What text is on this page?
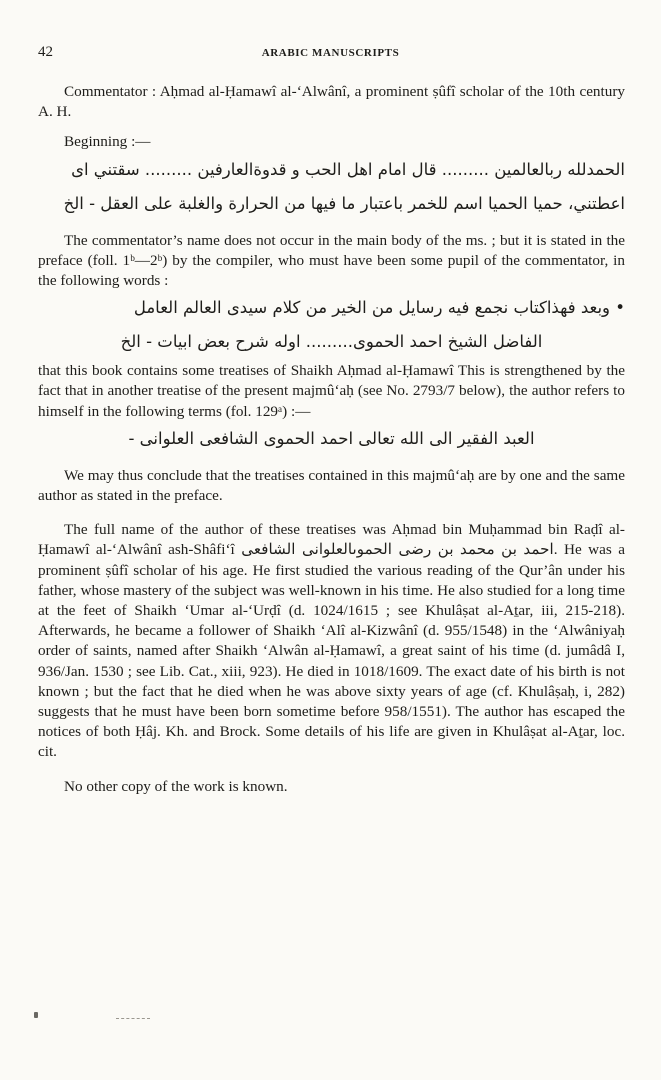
42	ARABIC MANUSCRIPTS

Commentator : Aḥmad al-Ḥamawî al-‘Alwânî, a prominent ṣûfî scholar of the 10th century A. H.

Beginning :—

الحمدلله ربالعالمين ......... قال امام اهل الحب و قدوةالعارفين ......... سقتني اى

اعطتني، حميا الحميا اسم للخمر باعتبار ما فيها من الحرارة والغلبة على العقل - الخ

The commentator’s name does not occur in the main body of the ms. ; but it is stated in the preface (foll. 1ᵇ—2ᵇ) by the compiler, who must have been some pupil of the commentator, in the following words :

• وبعد فهذاكتاب نجمع فيه رسايل من الخير من كلام سيدى العالم العامل

الفاضل الشيخ احمد الحموى......... اوله شرح بعض ابيات - الخ

that this book contains some treatises of Shaikh Aḥmad al-Ḥamawî This is strengthened by the fact that in another treatise of the present majmû‘aḥ (see No. 2793/7 below), the author refers to himself in the following terms (fol. 129ᵃ) :—

العبد الفقير الى الله تعالى احمد الحموى الشافعى العلوانى -

We may thus conclude that the treatises contained in this majmû‘aḥ are by one and the same author as stated in the preface.

The full name of the author of these treatises was Aḥmad bin Muḥammad bin Raḍî al-Ḥamawî al-‘Alwânî ash-Shâfi‘î احمد بن محمد بن رضى الحموىالعلوانى الشافعى. He was a prominent ṣûfî scholar of his age. He first studied the various reading of the Qur’ân under his father, whose mastery of the subject was well-known in his time. He also studied for a long time at the feet of Shaikh ‘Umar al-‘Urḍî (d. 1024/1615 ; see Khulâṣat al-Aṯar, iii, 215-218). Afterwards, he became a follower of Shaikh ‘Alî al-Kizwânî (d. 955/1548) in the ‘Alwâniyaḥ order of saints, named after Shaikh ‘Alwân al-Ḥamawî, a great saint of his time (d. jumâdâ I, 936/Jan. 1530 ; see Lib. Cat., xiii, 923). He died in 1018/1609. The exact date of his birth is not known ; but the fact that he died when he was above sixty years of age (cf. Khulâṣaḥ, i, 282) suggests that he must have been born sometime before 958/1551). The author has escaped the notices of both Ḥâj. Kh. and Brock. Some details of his life are given in Khulâṣat al-Aṯar, loc. cit.

No other copy of the work is known.
